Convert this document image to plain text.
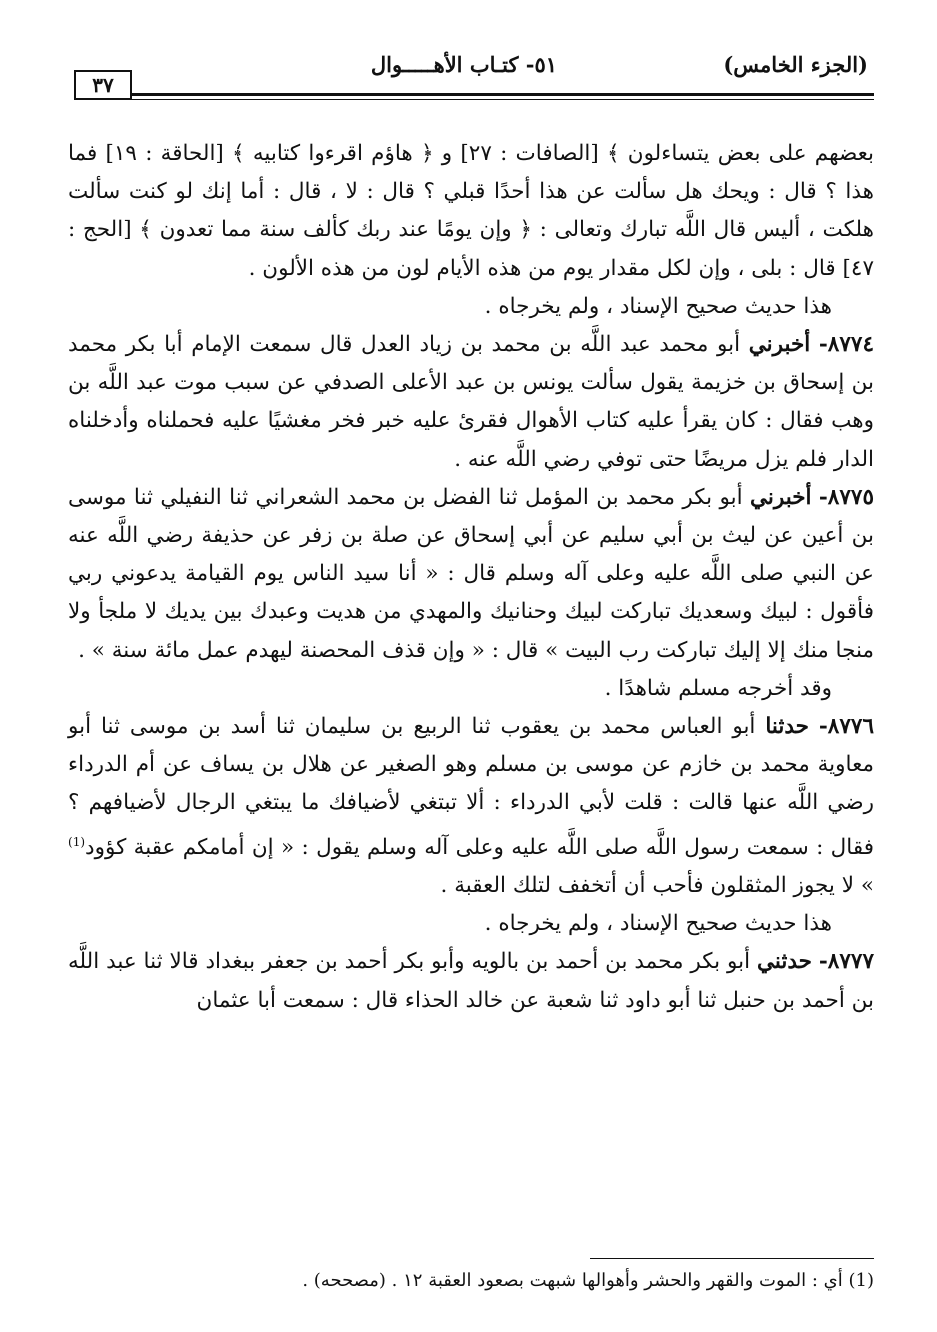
٣٧
٥١- كتـاب الأهـــــوال	(الجزء الخامس)

بعضهم على بعض يتساءلون ﴾ [الصافات : ٢٧] و ﴿ هاؤم اقرءوا كتابيه ﴾ [الحاقة : ١٩] فما هذا ؟ قال : ويحك هل سألت عن هذا أحدًا قبلي ؟ قال : لا ، قال : أما إنك لو كنت سألت هلكت ، أليس قال اللَّه تبارك وتعالى : ﴿ وإن يومًا عند ربك كألف سنة مما تعدون ﴾ [الحج : ٤٧] قال : بلى ، وإن لكل مقدار يوم من هذه الأيام لون من هذه الألون .

هذا حديث صحيح الإسناد ، ولم يخرجاه .

٨٧٧٤- أخبرني أبو محمد عبد اللَّه بن محمد بن زياد العدل قال سمعت الإمام أبا بكر محمد بن إسحاق بن خزيمة يقول سألت يونس بن عبد الأعلى الصدفي عن سبب موت عبد اللَّه بن وهب فقال : كان يقرأ عليه كتاب الأهوال فقرئ عليه خبر فخر مغشيًا عليه فحملناه وأدخلناه الدار فلم يزل مريضًا حتى توفي رضي اللَّه عنه .

٨٧٧٥- أخبرني أبو بكر محمد بن المؤمل ثنا الفضل بن محمد الشعراني ثنا النفيلي ثنا موسى بن أعين عن ليث بن أبي سليم عن أبي إسحاق عن صلة بن زفر عن حذيفة رضي اللَّه عنه عن النبي صلى اللَّه عليه وعلى آله وسلم قال : « أنا سيد الناس يوم القيامة يدعوني ربي فأقول : لبيك وسعديك تباركت لبيك وحنانيك والمهدي من هديت وعبدك بين يديك لا ملجأ ولا منجا منك إلا إليك تباركت رب البيت » قال : « وإن قذف المحصنة ليهدم عمل مائة سنة » .

وقد أخرجه مسلم شاهدًا .

٨٧٧٦- حدثنا أبو العباس محمد بن يعقوب ثنا الربيع بن سليمان ثنا أسد بن موسى ثنا أبو معاوية محمد بن خازم عن موسى بن مسلم وهو الصغير عن هلال بن يساف عن أم الدرداء رضي اللَّه عنها قالت : قلت لأبي الدرداء : ألا تبتغي لأضيافك ما يبتغي الرجال لأضيافهم ؟ فقال : سمعت رسول اللَّه صلى اللَّه عليه وعلى آله وسلم يقول : « إن أمامكم عقبة كؤود$^{(1)}$ » لا يجوز المثقلون فأحب أن أتخفف لتلك العقبة .

هذا حديث صحيح الإسناد ، ولم يخرجاه .

٨٧٧٧- حدثني أبو بكر محمد بن أحمد بن بالويه وأبو بكر أحمد بن جعفر ببغداد قالا ثنا عبد اللَّه بن أحمد بن حنبل ثنا أبو داود ثنا شعبة عن خالد الحذاء قال : سمعت أبا عثمان

(1) أي : الموت والقهر والحشر وأهوالها شبهت بصعود العقبة ١٢ . (مصححه) .
